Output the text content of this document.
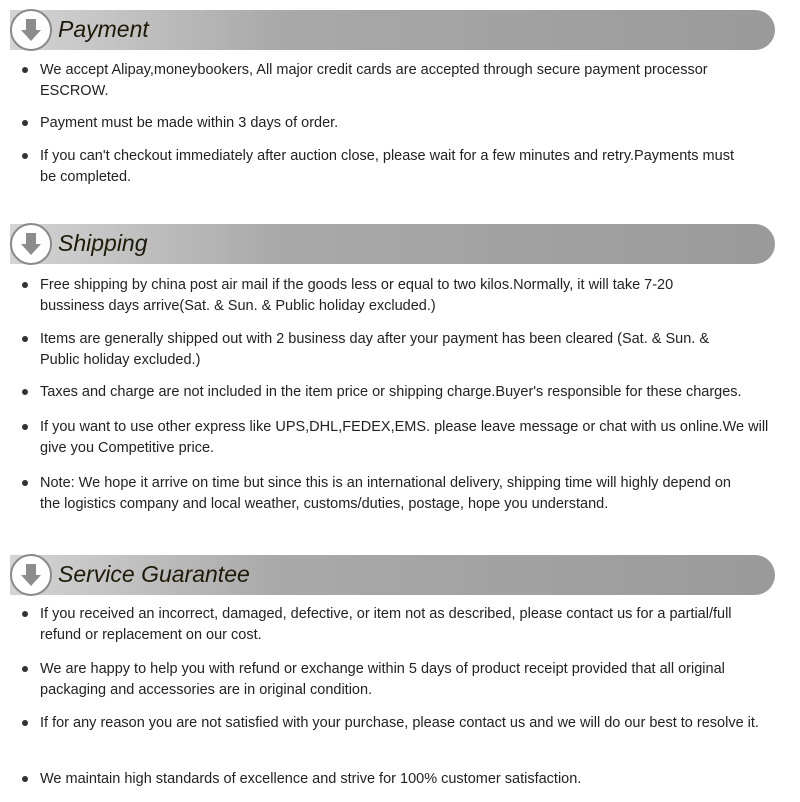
Payment
We accept Alipay,moneybookers, All major credit cards are accepted through secure payment processor ESCROW.
Payment must be made within 3 days of order.
If you can't checkout immediately after auction close, please wait for a few minutes and retry.Payments must be completed.
Shipping
Free shipping by china post air mail if the goods less or equal to two kilos.Normally, it will take 7-20 bussiness days arrive(Sat. & Sun. & Public holiday excluded.)
Items are generally shipped out with 2 business day after your payment has been cleared (Sat. & Sun. & Public holiday excluded.)
Taxes and charge are not included in the item price or shipping charge.Buyer's responsible for these charges.
If you want to use other express like UPS,DHL,FEDEX,EMS. please leave message or chat with us online.We will give you Competitive price.
Note: We hope it arrive on time but since this is an international delivery, shipping time will highly depend on the logistics company and local weather, customs/duties, postage, hope you understand.
Service Guarantee
If you received an incorrect, damaged, defective, or item not as described, please contact us for a partial/full refund or replacement on our cost.
We are happy to help you with refund or exchange within 5 days of product receipt provided that all original packaging and accessories are in original condition.
If for any reason you are not satisfied with your purchase, please contact us and we will do our best to resolve it.
We maintain high standards of excellence and strive for 100% customer satisfaction.
